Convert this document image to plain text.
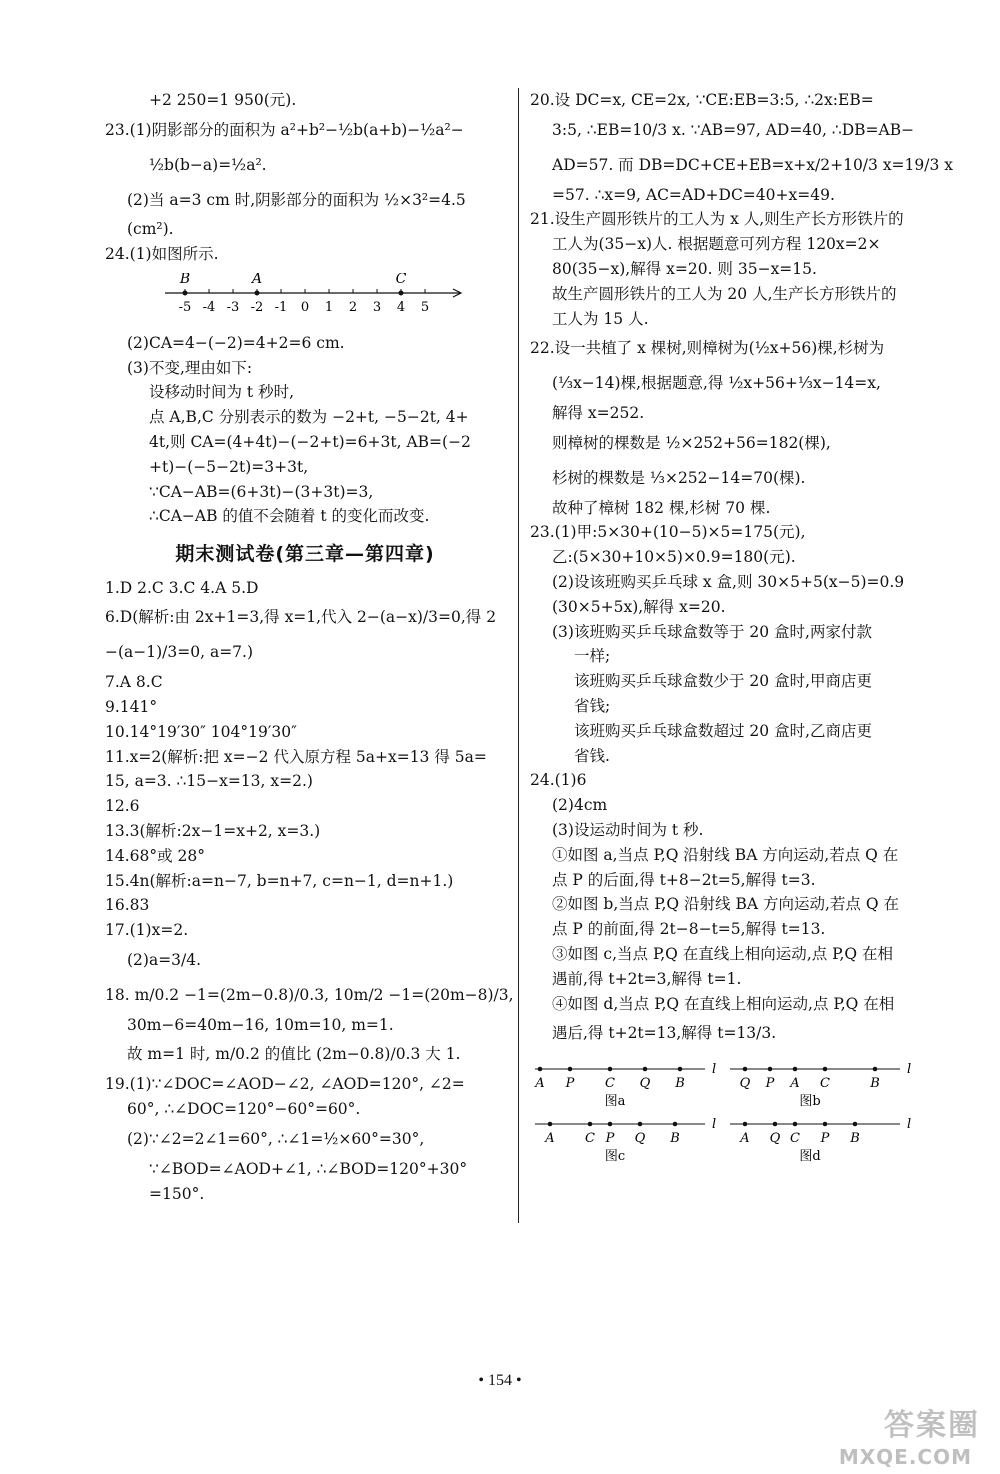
+2 250=1 950(元).
23.(1)阴影部分的面积为 a²+b²−½b(a+b)−½a²−
½b(b−a)=½a².
(2)当 a=3 cm 时,阴影部分的面积为 ½×3²=4.5
(cm²).
24.(1)如图所示.
-5 -4 -3 -2 -1 0 1 2 3 4 5
B	A	C
(2)CA=4−(−2)=4+2=6 cm.
(3)不变,理由如下:
设移动时间为 t 秒时,
点 A,B,C 分别表示的数为 −2+t, −5−2t, 4+
4t,则 CA=(4+4t)−(−2+t)=6+3t, AB=(−2
+t)−(−5−2t)=3+3t,
∵CA−AB=(6+3t)−(3+3t)=3,
∴CA−AB 的值不会随着 t 的变化而改变.
期末测试卷(第三章—第四章)
1.D 2.C 3.C 4.A 5.D
6.D(解析:由 2x+1=3,得 x=1,代入 2−(a−x)/3=0,得 2
−(a−1)/3=0, a=7.)
7.A 8.C
9.141°
10.14°19′30″ 104°19′30″
11.x=2(解析:把 x=−2 代入原方程 5a+x=13 得 5a=
15, a=3. ∴15−x=13, x=2.)
12.6
13.3(解析:2x−1=x+2, x=3.)
14.68°或 28°
15.4n(解析:a=n−7, b=n+7, c=n−1, d=n+1.)
16.83
17.(1)x=2.
(2)a=3/4.
18. m/0.2 −1=(2m−0.8)/0.3, 10m/2 −1=(20m−8)/3,
30m−6=40m−16, 10m=10, m=1.
故 m=1 时, m/0.2 的值比 (2m−0.8)/0.3 大 1.
19.(1)∵∠DOC=∠AOD−∠2, ∠AOD=120°, ∠2=
60°, ∴∠DOC=120°−60°=60°.
(2)∵∠2=2∠1=60°, ∴∠1=½×60°=30°,
∵∠BOD=∠AOD+∠1, ∴∠BOD=120°+30°
=150°.
20.设 DC=x, CE=2x, ∵CE:EB=3:5, ∴2x:EB=
3:5, ∴EB=10/3 x. ∵AB=97, AD=40, ∴DB=AB−
AD=57. 而 DB=DC+CE+EB=x+x/2+10/3 x=19/3 x
=57. ∴x=9, AC=AD+DC=40+x=49.
21.设生产圆形铁片的工人为 x 人,则生产长方形铁片的
工人为(35−x)人. 根据题意可列方程 120x=2×
80(35−x),解得 x=20. 则 35−x=15.
故生产圆形铁片的工人为 20 人,生产长方形铁片的
工人为 15 人.
22.设一共植了 x 棵树,则樟树为(½x+56)棵,杉树为
(⅓x−14)棵,根据题意,得 ½x+56+⅓x−14=x,
解得 x=252.
则樟树的棵数是 ½×252+56=182(棵),
杉树的棵数是 ⅓×252−14=70(棵).
故种了樟树 182 棵,杉树 70 棵.
23.(1)甲:5×30+(10−5)×5=175(元),
乙:(5×30+10×5)×0.9=180(元).
(2)设该班购买乒乓球 x 盒,则 30×5+5(x−5)=0.9
(30×5+5x),解得 x=20.
(3)该班购买乒乓球盒数等于 20 盒时,两家付款
一样;
该班购买乒乓球盒数少于 20 盒时,甲商店更
省钱;
该班购买乒乓球盒数超过 20 盒时,乙商店更
省钱.
24.(1)6
(2)4cm
(3)设运动时间为 t 秒.
①如图 a,当点 P,Q 沿射线 BA 方向运动,若点 Q 在
点 P 的后面,得 t+8−2t=5,解得 t=3.
②如图 b,当点 P,Q 沿射线 BA 方向运动,若点 Q 在
点 P 的前面,得 2t−8−t=5,解得 t=13.
③如图 c,当点 P,Q 在直线上相向运动,点 P,Q 在相
遇前,得 t+2t=3,解得 t=1.
④如图 d,当点 P,Q 在直线上相向运动,点 P,Q 在相
遇后,得 t+2t=13,解得 t=13/3.
l
A P C Q B
图a
l
Q P A C	B
图b
l
A C P Q B
图c
l
A Q C P B
图d
• 154 •
答案圈
MXQE.COM
